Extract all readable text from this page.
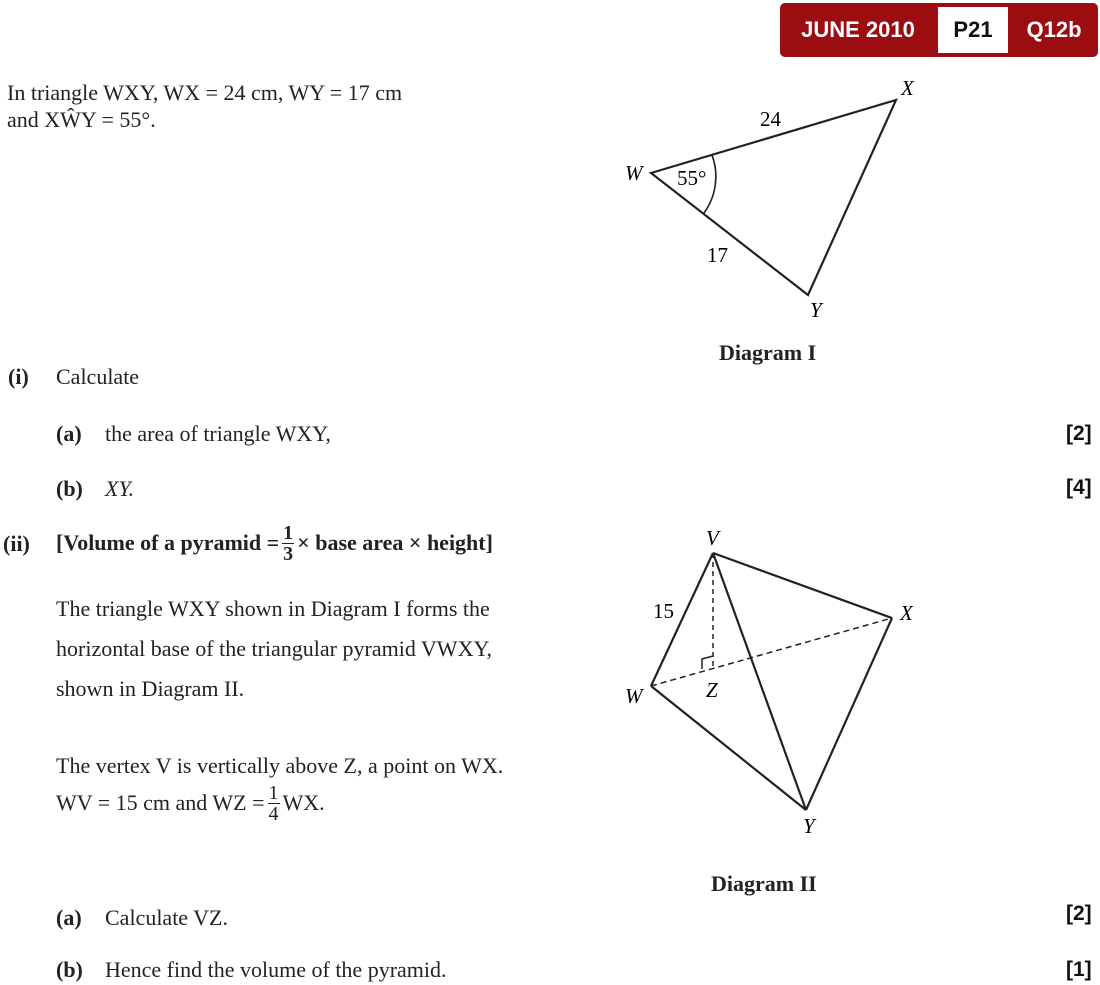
JUNE 2010	P21	Q12b
In triangle WXY, WX = 24 cm, WY = 17 cm
and XŴY = 55°.
W
X
Y
24
17
55°
Diagram I
(i) Calculate
(a) the area of triangle WXY,	[2]
(b) XY.	[4]
(ii) [Volume of a pyramid = $\frac{1}{3}$ × base area × height]
The triangle WXY shown in Diagram I forms the
horizontal base of the triangular pyramid VWXY,
shown in Diagram II.
The vertex V is vertically above Z, a point on WX.
WV = 15 cm and WZ = $\frac{1}{4}$ WX.
(a) Calculate VZ.	[2]
(b) Hence find the volume of the pyramid.	[1]
V
W
X
Y
Z
15
Diagram II
